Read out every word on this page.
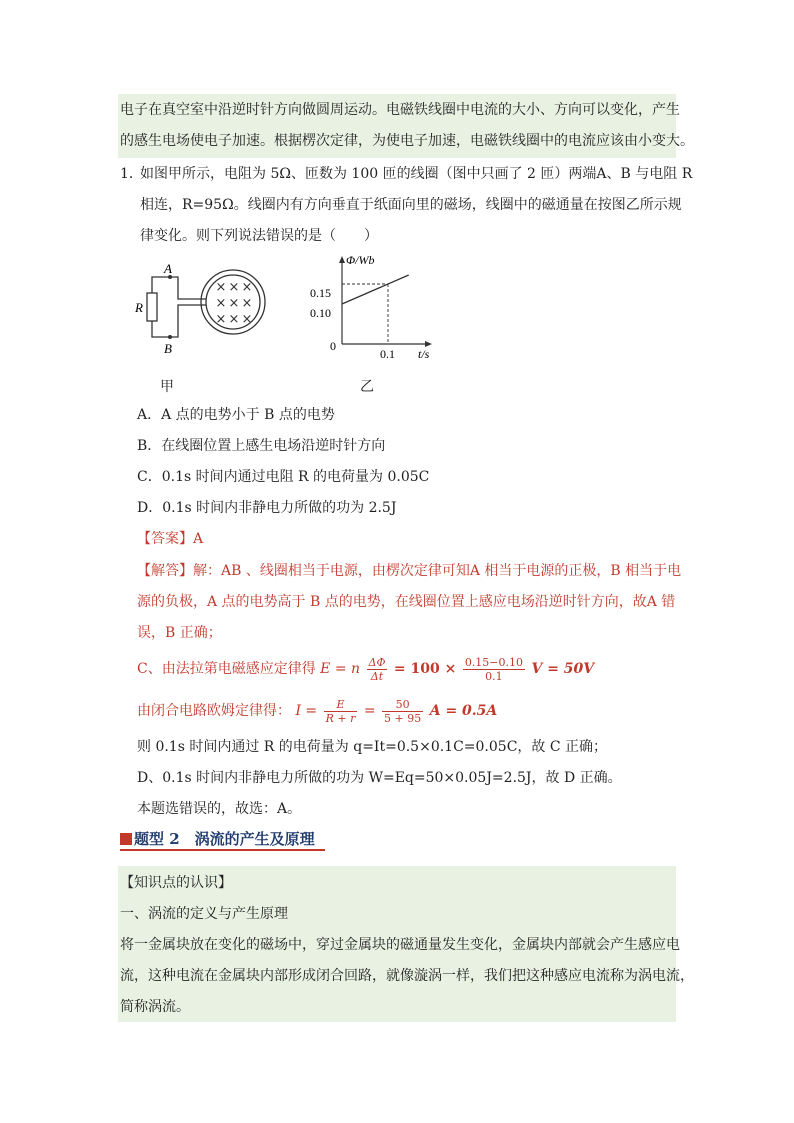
电子在真空室中沿逆时针方向做圆周运动。电磁铁线圈中电流的大小、方向可以变化，产生
的感生电场使电子加速。根据楞次定律，为使电子加速，电磁铁线圈中的电流应该由小变大。
1．
如图甲所示，电阻为 5Ω、匝数为 100 匝的线圈（图中只画了 2 匝）两端A、B 与电阻 R
相连，R=95Ω。线圈内有方向垂直于纸面向里的磁场，线圈中的磁通量在按图乙所示规
律变化。则下列说法错误的是（　　）
× × ×
× × ×
× × ×
A
B
R
甲
Φ/Wb
t/s
0.15
0.10
0
0.1
乙
A．A 点的电势小于 B 点的电势
B．在线圈位置上感生电场沿逆时针方向
C．0.1s 时间内通过电阻 R 的电荷量为 0.05C
D．0.1s 时间内非静电力所做的功为 2.5J
【答案】A
【解答】解：AB 、线圈相当于电源，由楞次定律可知A 相当于电源的正极，B 相当于电
源的负极，A 点的电势高于 B 点的电势，在线圈位置上感应电场沿逆时针方向，故A 错
误，B 正确；
C、由法拉第电磁感应定律得 E = n $\frac{\Delta\Phi}{\Delta t} = 100 \times \frac{0.15-0.10}{0.1}$ V = 50V
由闭合电路欧姆定律得： $I = \frac{E}{R + r} = \frac{50}{5 + 95}$ A = 0.5A
则 0.1s 时间内通过 R 的电荷量为 q=It=0.5×0.1C=0.05C，故 C 正确；
D、0.1s 时间内非静电力所做的功为 W=Eq=50×0.05J=2.5J，故 D 正确。
本题选错误的，故选：A。
题型 2　涡流的产生及原理
【知识点的认识】
一、涡流的定义与产生原理
将一金属块放在变化的磁场中，穿过金属块的磁通量发生变化，金属块内部就会产生感应电
流，这种电流在金属块内部形成闭合回路，就像漩涡一样，我们把这种感应电流称为涡电流，
简称涡流。
